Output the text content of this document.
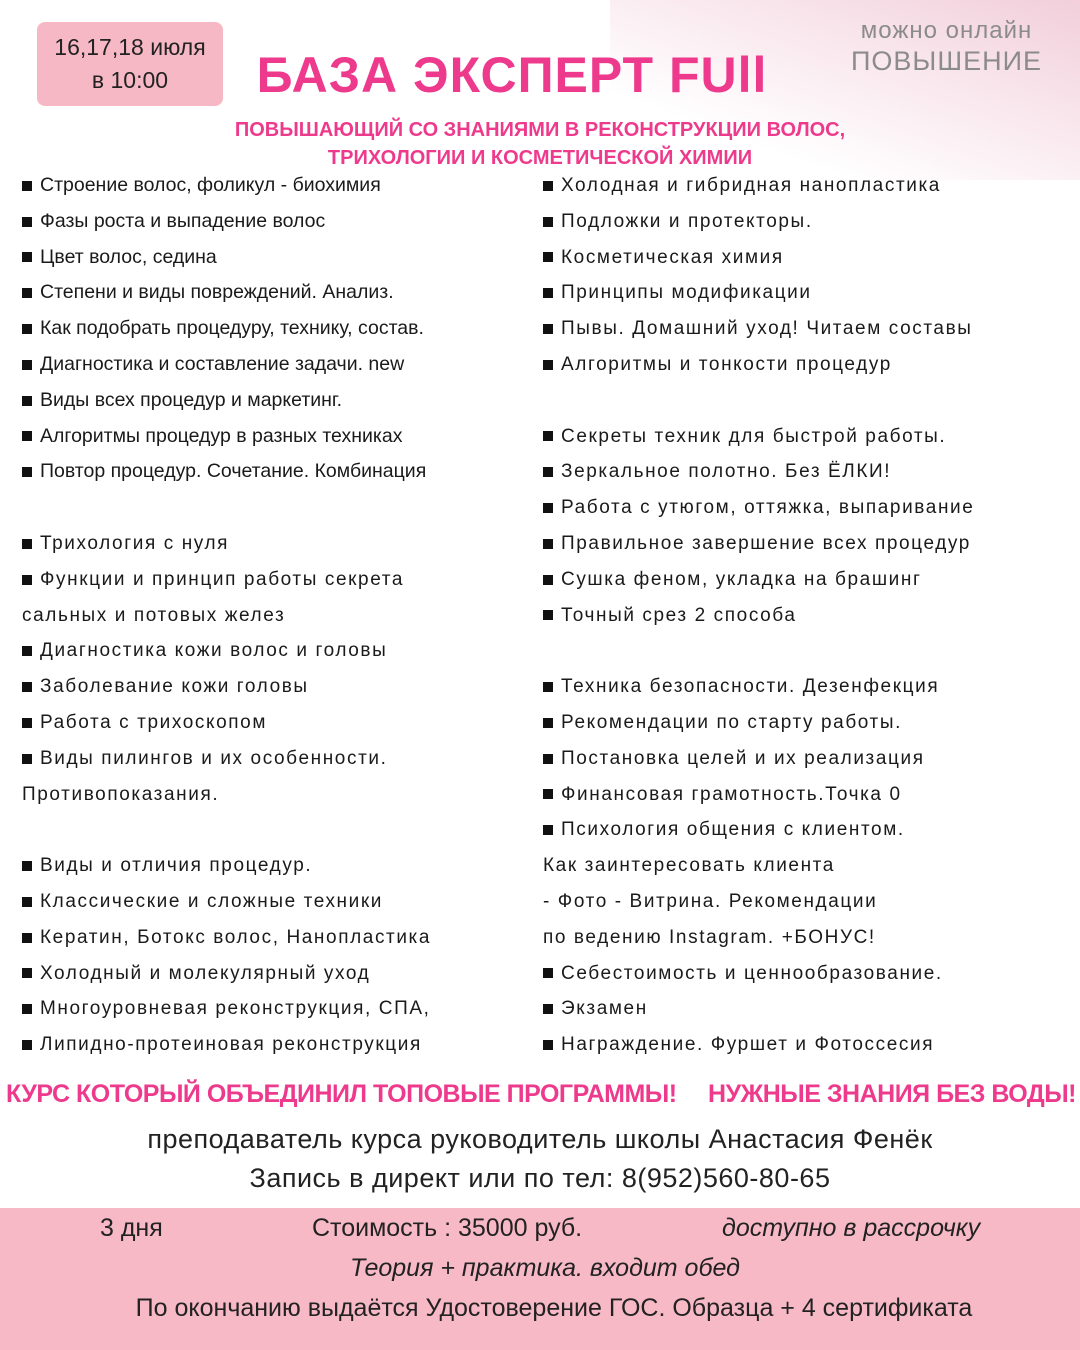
16,17,18 июля
в 10:00
можно онлайн
ПОВЫШЕНИЕ
БАЗА ЭКСПЕРТ FUll
ПОВЫШАЮЩИЙ СО ЗНАНИЯМИ В РЕКОНСТРУКЦИИ ВОЛОС,
ТРИХОЛОГИИ И КОСМЕТИЧЕСКОЙ ХИМИИ
Строение волос, фоликул - биохимия
Фазы роста и выпадение волос
Цвет волос, седина
Степени и виды повреждений. Анализ.
Как подобрать процедуру, технику, состав.
Диагностика и составление задачи. new
Виды всех процедур и маркетинг.
Алгоритмы процедур в разных техниках
Повтор процедур. Сочетание. Комбинация
Трихология с нуля
Функции и принцип работы секрета
сальных и потовых желез
Диагностика кожи волос и головы
Заболевание кожи головы
Работа с трихоскопом
Виды пилингов и их особенности.
Противопоказания.
Виды и отличия процедур.
Классические и сложные техники
Кератин, Ботокс волос, Нанопластика
Холодный и молекулярный уход
Многоуровневая реконструкция, СПА,
Липидно-протеиновая реконструкция
Холодная и гибридная нанопластика
Подложки и протекторы.
Косметическая химия
Принципы модификации
Пывы. Домашний уход! Читаем составы
Алгоритмы и тонкости процедур
Секреты техник для быстрой работы.
Зеркальное полотно. Без ЁЛКИ!
Работа с утюгом, оттяжка, выпаривание
Правильное завершение всех процедур
Сушка феном, укладка на брашинг
Точный срез 2 способа
Техника безопасности. Дезенфекция
Рекомендации по старту работы.
Постановка целей и их реализация
Финансовая грамотность.Точка 0
Психология общения с клиентом.
Как заинтересовать клиента
- Фото - Витрина. Рекомендации
по ведению Instagram. +БОНУС!
Себестоимость и ценнообразование.
Экзамен
Награждение. Фуршет и Фотоссесия
КУРС КОТОРЫЙ ОБЪЕДИНИЛ ТОПОВЫЕ ПРОГРАММЫ! НУЖНЫЕ ЗНАНИЯ БЕЗ ВОДЫ!
преподаватель курса руководитель школы Анастасия Фенёк
Запись в директ или по тел: 8(952)560-80-65
3 дня	Стоимость : 35000 руб.	доступно в рассрочку
Теория + практика. входит обед
По окончанию выдаётся Удостоверение ГОС. Образца + 4 сертификата
